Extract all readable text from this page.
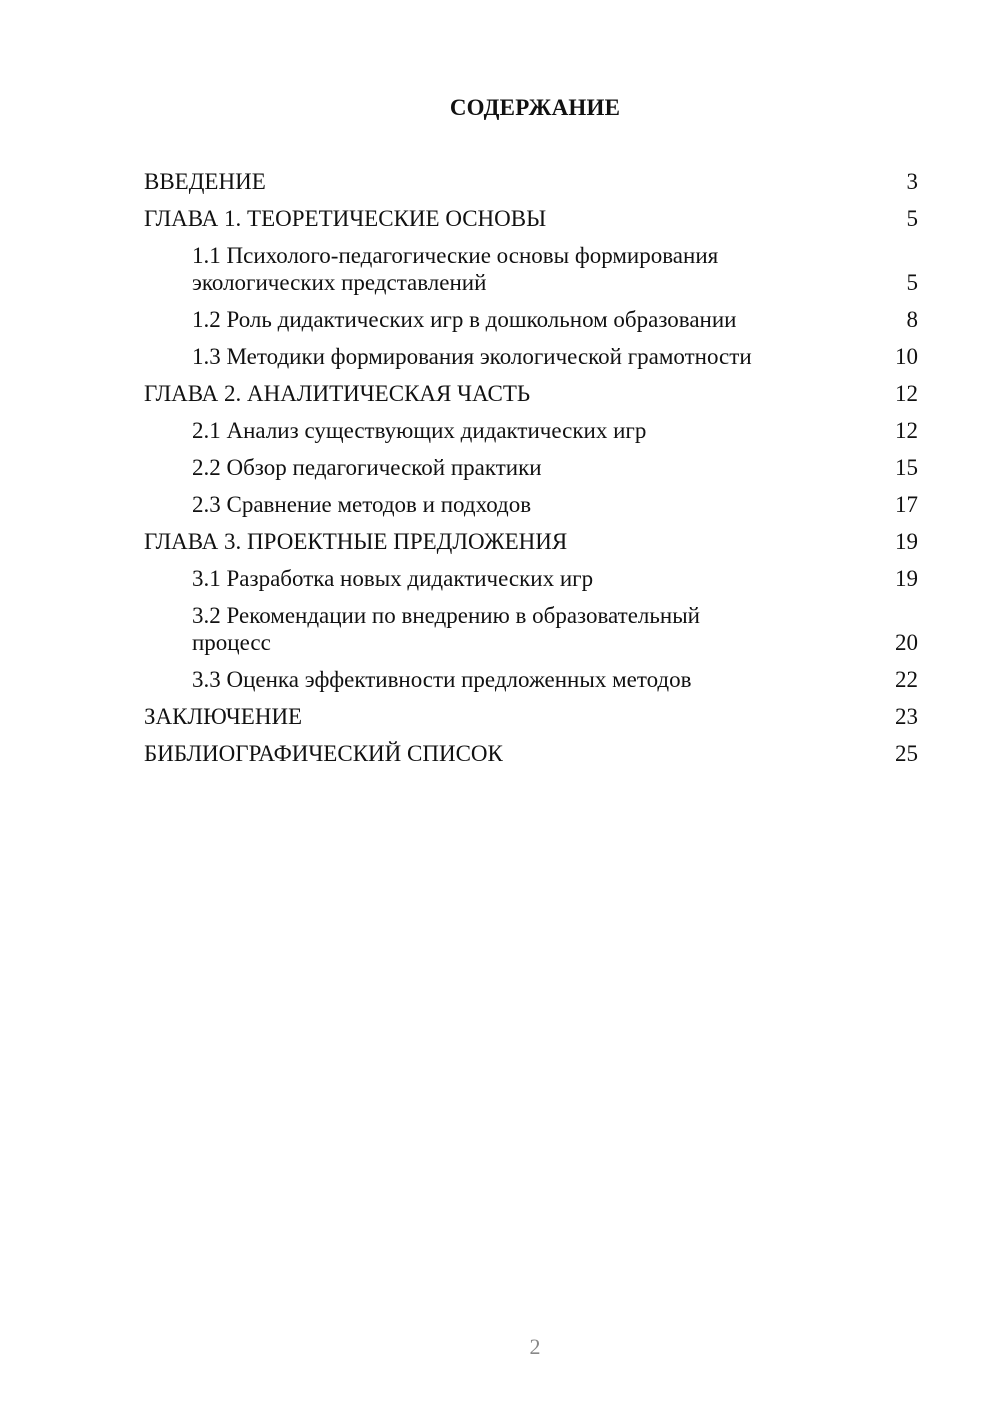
СОДЕРЖАНИЕ
ВВЕДЕНИЕ	3
ГЛАВА 1. ТЕОРЕТИЧЕСКИЕ ОСНОВЫ	5
1.1 Психолого-педагогические основы формирования экологических представлений	5
1.2 Роль дидактических игр в дошкольном образовании	8
1.3 Методики формирования экологической грамотности	10
ГЛАВА 2. АНАЛИТИЧЕСКАЯ ЧАСТЬ	12
2.1 Анализ существующих дидактических игр	12
2.2 Обзор педагогической практики	15
2.3 Сравнение методов и подходов	17
ГЛАВА 3. ПРОЕКТНЫЕ ПРЕДЛОЖЕНИЯ	19
3.1 Разработка новых дидактических игр	19
3.2 Рекомендации по внедрению в образовательный процесс	20
3.3 Оценка эффективности предложенных методов	22
ЗАКЛЮЧЕНИЕ	23
БИБЛИОГРАФИЧЕСКИЙ СПИСОК	25
2
